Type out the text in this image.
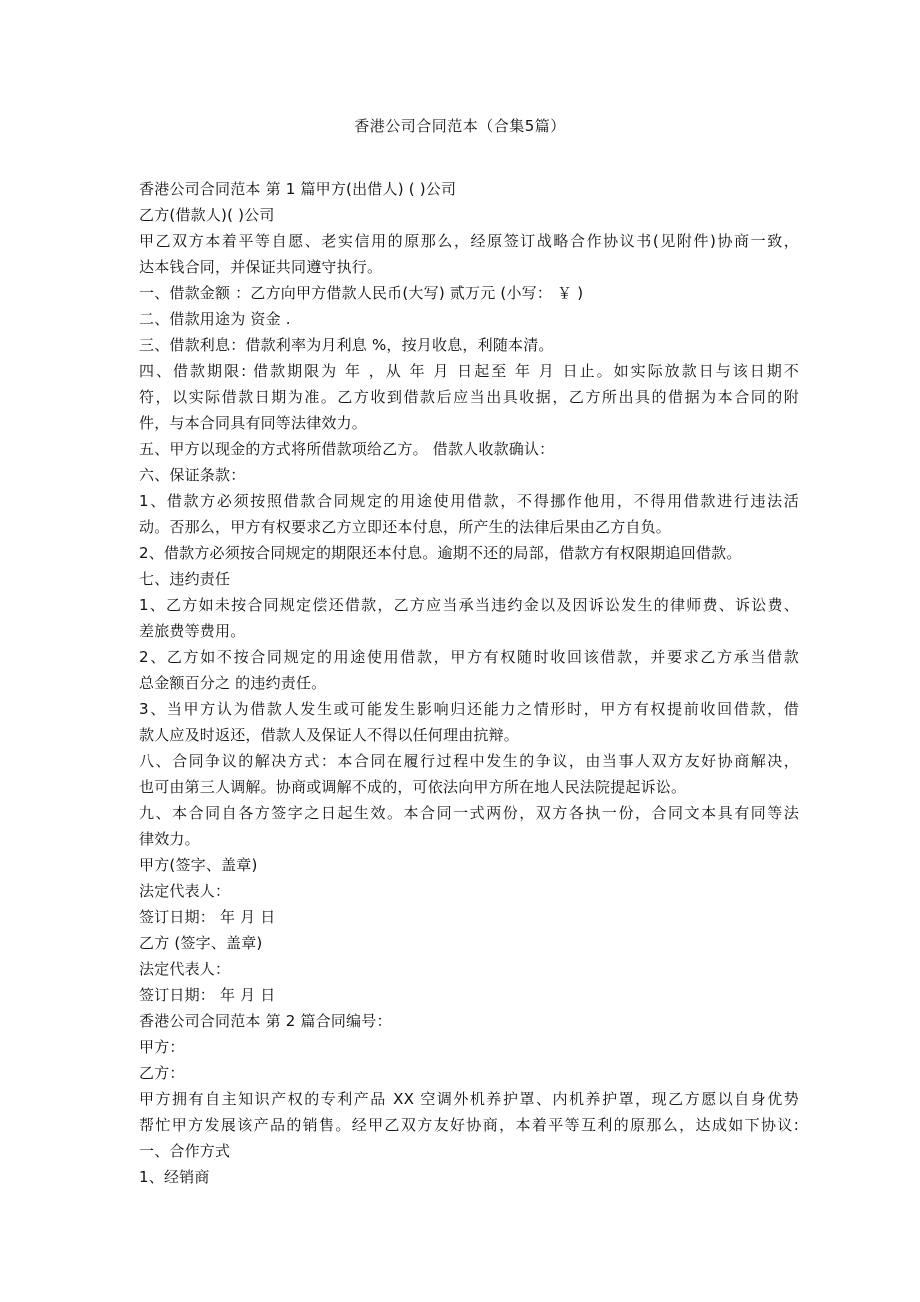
香港公司合同范本（合集5篇）
香港公司合同范本 第 1 篇甲方(出借人) ( )公司
乙方(借款人)( )公司
甲乙双方本着平等自愿、老实信用的原那么，经原签订战略合作协议书(见附件)协商一致，
达本钱合同，并保证共同遵守执行。
一、借款金额 ：乙方向甲方借款人民币(大写) 贰万元 (小写： ￥ )
二、借款用途为 资金 .
三、借款利息：借款利率为月利息 %，按月收息，利随本清。
四、借款期限: 借款期限为 年 ，从 年 月 日起至 年 月 日止。如实际放款日与该日期不
符，以实际借款日期为准。乙方收到借款后应当出具收据，乙方所出具的借据为本合同的附
件，与本合同具有同等法律效力。
五、甲方以现金的方式将所借款项给乙方。 借款人收款确认：
六、保证条款：
1、借款方必须按照借款合同规定的用途使用借款，不得挪作他用，不得用借款进行违法活
动。否那么，甲方有权要求乙方立即还本付息，所产生的法律后果由乙方自负。
2、借款方必须按合同规定的期限还本付息。逾期不还的局部，借款方有权限期追回借款。
七、违约责任
1、乙方如未按合同规定偿还借款，乙方应当承当违约金以及因诉讼发生的律师费、诉讼费、
差旅费等费用。
2、乙方如不按合同规定的用途使用借款，甲方有权随时收回该借款，并要求乙方承当借款
总金额百分之 的违约责任。
3、当甲方认为借款人发生或可能发生影响归还能力之情形时，甲方有权提前收回借款，借
款人应及时返还，借款人及保证人不得以任何理由抗辩。
八、合同争议的解决方式：本合同在履行过程中发生的争议，由当事人双方友好协商解决，
也可由第三人调解。协商或调解不成的，可依法向甲方所在地人民法院提起诉讼。
九、本合同自各方签字之日起生效。本合同一式两份，双方各执一份，合同文本具有同等法
律效力。
甲方(签字、盖章)
法定代表人：
签订日期： 年 月 日
乙方 (签字、盖章)
法定代表人：
签订日期： 年 月 日
香港公司合同范本 第 2 篇合同编号：
甲方：
乙方：
甲方拥有自主知识产权的专利产品 XX 空调外机养护罩、内机养护罩，现乙方愿以自身优势
帮忙甲方发展该产品的销售。经甲乙双方友好协商，本着平等互利的原那么，达成如下协议:
一、合作方式
1、经销商
